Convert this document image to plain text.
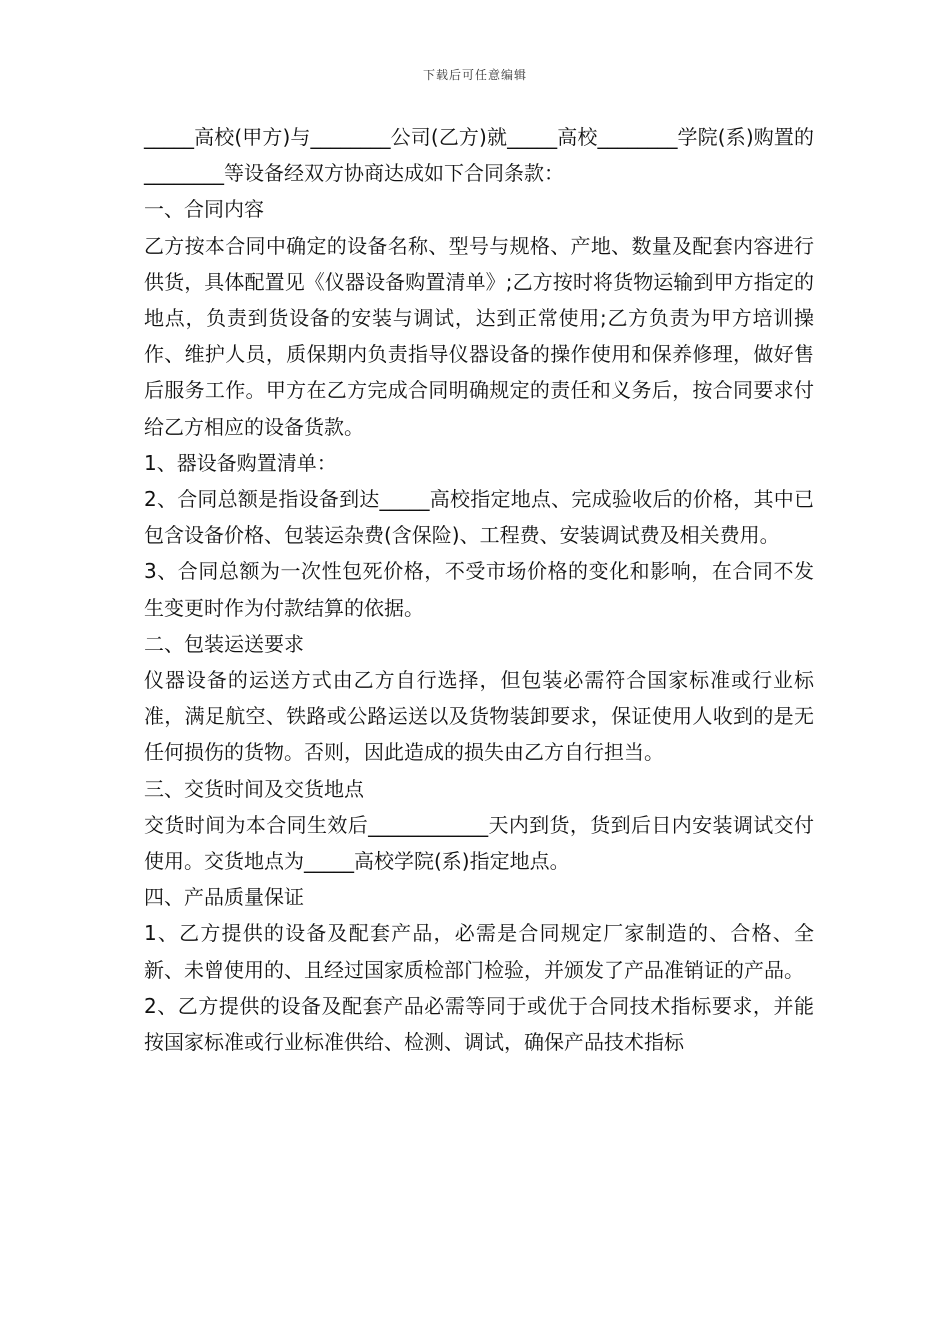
下载后可任意编辑

_____高校(甲方)与________公司(乙方)就_____高校________学院(系)购置的________等设备经双方协商达成如下合同条款：

一、合同内容

乙方按本合同中确定的设备名称、型号与规格、产地、数量及配套内容进行供货，具体配置见《仪器设备购置清单》;乙方按时将货物运输到甲方指定的地点，负责到货设备的安装与调试，达到正常使用;乙方负责为甲方培训操作、维护人员，质保期内负责指导仪器设备的操作使用和保养修理，做好售后服务工作。甲方在乙方完成合同明确规定的责任和义务后，按合同要求付给乙方相应的设备货款。

1、器设备购置清单：

2、合同总额是指设备到达_____高校指定地点、完成验收后的价格，其中已包含设备价格、包装运杂费(含保险)、工程费、安装调试费及相关费用。

3、合同总额为一次性包死价格，不受市场价格的变化和影响，在合同不发生变更时作为付款结算的依据。

二、包装运送要求

仪器设备的运送方式由乙方自行选择，但包装必需符合国家标准或行业标准，满足航空、铁路或公路运送以及货物装卸要求，保证使用人收到的是无任何损伤的货物。否则，因此造成的损失由乙方自行担当。

三、交货时间及交货地点

交货时间为本合同生效后____________天内到货，货到后日内安装调试交付使用。交货地点为_____高校学院(系)指定地点。

四、产品质量保证

1、乙方提供的设备及配套产品，必需是合同规定厂家制造的、合格、全新、未曾使用的、且经过国家质检部门检验，并颁发了产品准销证的产品。

2、乙方提供的设备及配套产品必需等同于或优于合同技术指标要求，并能按国家标准或行业标准供给、检测、调试，确保产品技术指标
